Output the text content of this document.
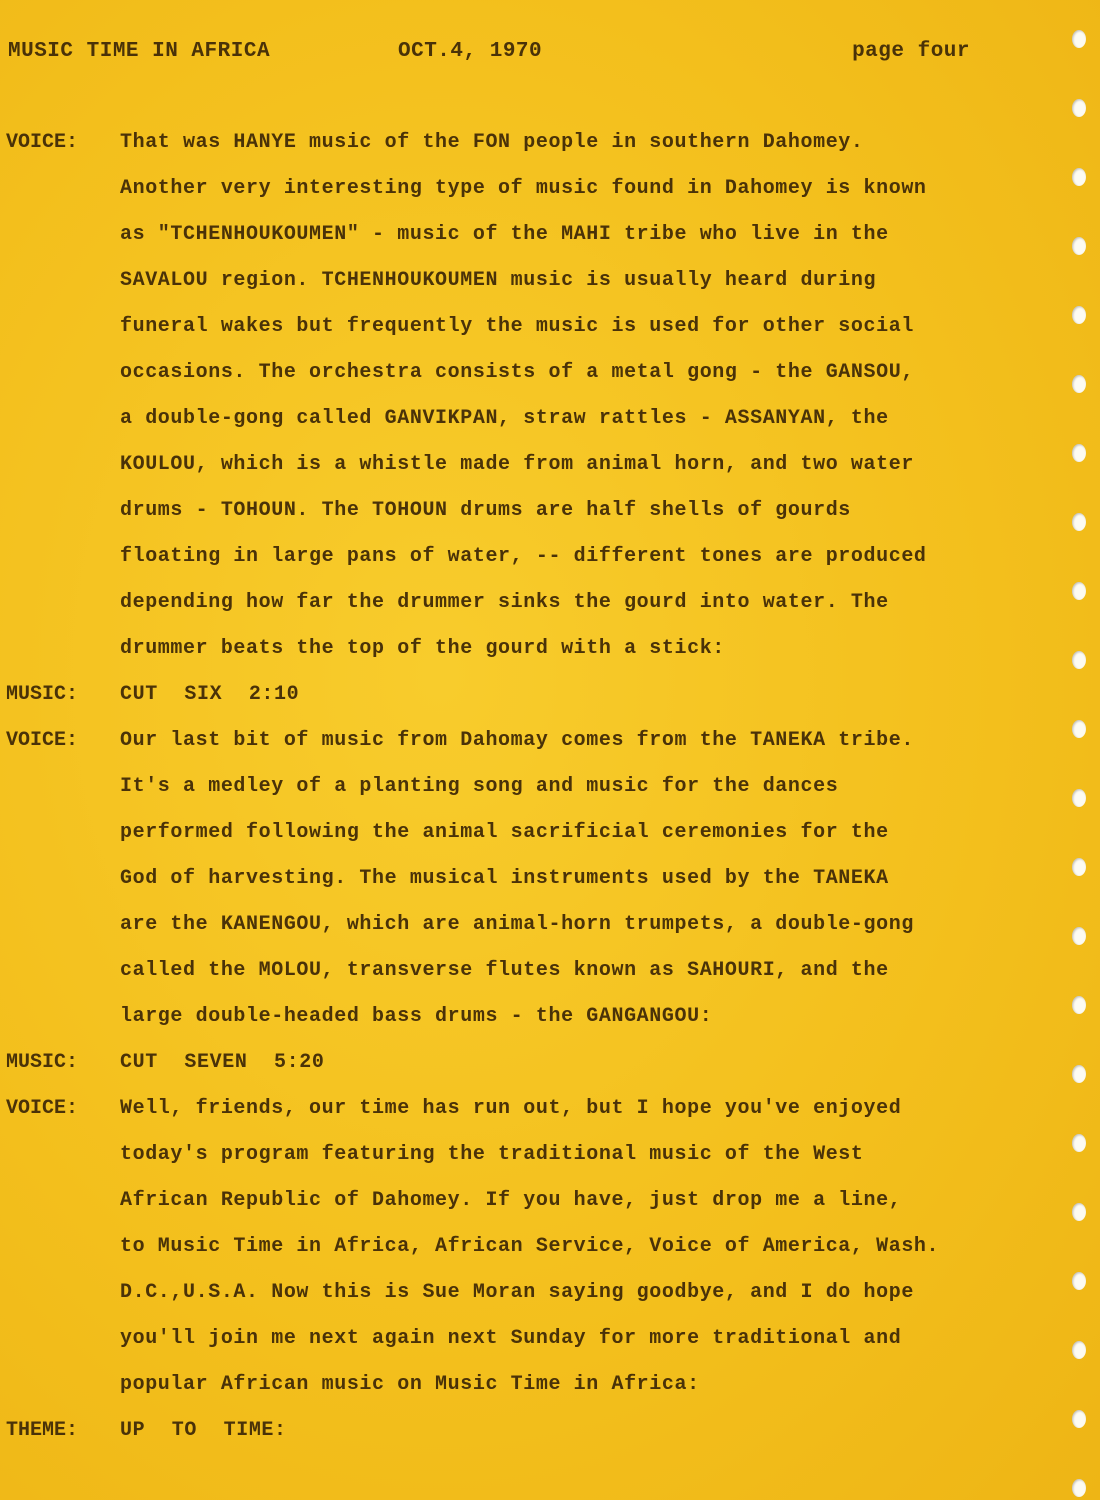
MUSIC TIME IN AFRICA	OCT.4, 1970	page four
VOICE: That was HANYE music of the FON people in southern Dahomey.
Another very interesting type of music found in Dahomey is known
as "TCHENHOUKOUMEN" - music of the MAHI tribe who live in the
SAVALOU region. TCHENHOUKOUMEN music is usually heard during
funeral wakes but frequently the music is used for other social
occasions. The orchestra consists of a metal gong - the GANSOU,
a double-gong called GANVIKPAN, straw rattles - ASSANYAN, the
KOULOU, which is a whistle made from animal horn, and two water
drums - TOHOUN. The TOHOUN drums are half shells of gourds
floating in large pans of water, -- different tones are produced
depending how far the drummer sinks the gourd into water. The
drummer beats the top of the gourd with a stick:
MUSIC: CUT SIX 2:10
VOICE: Our last bit of music from Dahomay comes from the TANEKA tribe.
It's a medley of a planting song and music for the dances
performed following the animal sacrificial ceremonies for the
God of harvesting. The musical instruments used by the TANEKA
are the KANENGOU, which are animal-horn trumpets, a double-gong
called the MOLOU, transverse flutes known as SAHOURI, and the
large double-headed bass drums - the GANGANGOU:
MUSIC: CUT SEVEN 5:20
VOICE: Well, friends, our time has run out, but I hope you've enjoyed
today's program featuring the traditional music of the West
African Republic of Dahomey. If you have, just drop me a line,
to Music Time in Africa, African Service, Voice of America, Wash.
D.C.,U.S.A. Now this is Sue Moran saying goodbye, and I do hope
you'll join me next again next Sunday for more traditional and
popular African music on Music Time in Africa:
THEME: UP TO TIME:
